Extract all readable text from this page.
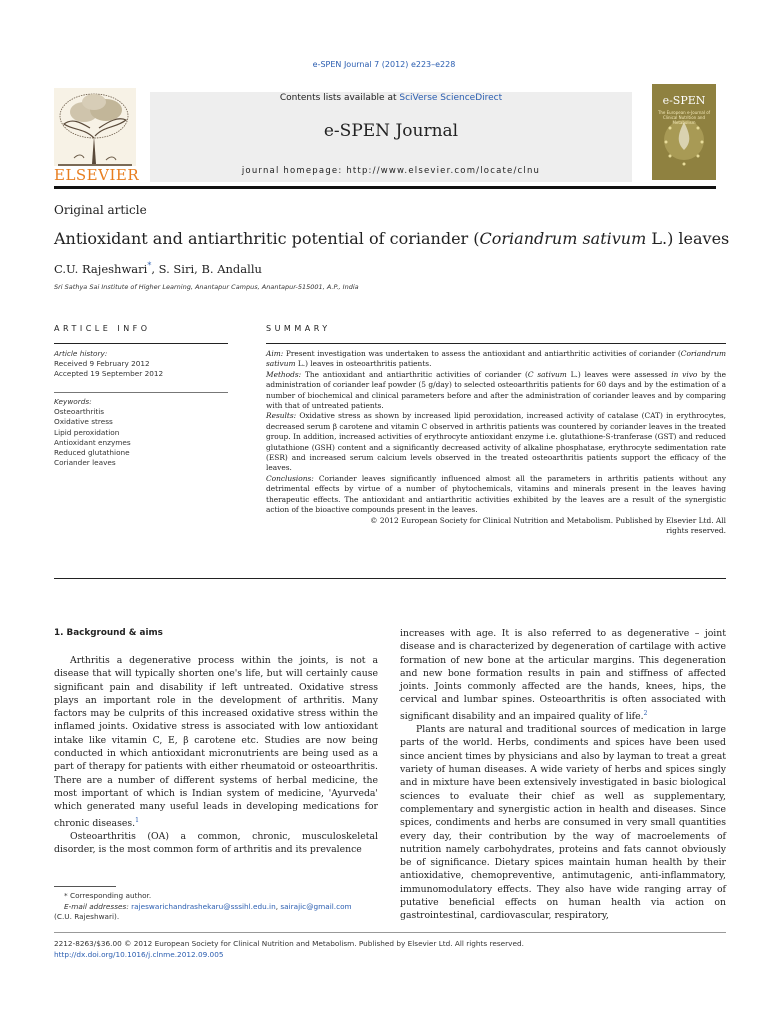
e-SPEN Journal 7 (2012) e223–e228
ELSEVIER
Contents lists available at SciVerse ScienceDirect
e-SPEN Journal
journal homepage: http://www.elsevier.com/locate/clnu
e-SPEN
The European e-Journal of Clinical Nutrition and Metabolism
Original article
Antioxidant and antiarthritic potential of coriander (Coriandrum sativum L.) leaves
C.U. Rajeshwari*, S. Siri, B. Andallu
Sri Sathya Sai Institute of Higher Learning, Anantapur Campus, Anantapur-515001, A.P., India
ARTICLE INFO
Article history:
Received 9 February 2012
Accepted 19 September 2012
Keywords:
Osteoarthritis
Oxidative stress
Lipid peroxidation
Antioxidant enzymes
Reduced glutathione
Coriander leaves
SUMMARY
Aim: Present investigation was undertaken to assess the antioxidant and antiarthritic activities of coriander (Coriandrum sativum L.) leaves in osteoarthritis patients.
Methods: The antioxidant and antiarthritic activities of coriander (C sativum L.) leaves were assessed in vivo by the administration of coriander leaf powder (5 g/day) to selected osteoarthritis patients for 60 days and by the estimation of a number of biochemical and clinical parameters before and after the administration of coriander leaves and by comparing with that of untreated patients.
Results: Oxidative stress as shown by increased lipid peroxidation, increased activity of catalase (CAT) in erythrocytes, decreased serum β carotene and vitamin C observed in arthritis patients was countered by coriander leaves in the treated group. In addition, increased activities of erythrocyte antioxidant enzyme i.e. glutathione-S-tranferase (GST) and reduced glutathione (GSH) content and a significantly decreased activity of alkaline phosphatase, erythrocyte sedimentation rate (ESR) and increased serum calcium levels observed in the treated osteoarthritis patients support the efficacy of the leaves.
Conclusions: Coriander leaves significantly influenced almost all the parameters in arthritis patients without any detrimental effects by virtue of a number of phytochemicals, vitamins and minerals present in the leaves having therapeutic effects. The antioxidant and antiarthritic activities exhibited by the leaves are a result of the synergistic action of the bioactive compounds present in the leaves.
© 2012 European Society for Clinical Nutrition and Metabolism. Published by Elsevier Ltd. All rights reserved.
1. Background & aims

Arthritis a degenerative process within the joints, is not a disease that will typically shorten one's life, but will certainly cause significant pain and disability if left untreated. Oxidative stress plays an important role in the development of arthritis. Many factors may be culprits of this increased oxidative stress within the inflamed joints. Oxidative stress is associated with low antioxidant intake like vitamin C, E, β carotene etc. Studies are now being conducted in which antioxidant micronutrients are being used as a part of therapy for patients with either rheumatoid or osteoarthritis. There are a number of different systems of herbal medicine, the most important of which is Indian system of medicine, 'Ayurveda' which generated many useful leads in developing medications for chronic diseases.$^1$

Osteoarthritis (OA) a common, chronic, musculoskeletal disorder, is the most common form of arthritis and its prevalence

* Corresponding author.
E-mail addresses: rajeswarichandrashekaru@sssihl.edu.in, sairajic@gmail.com
(C.U. Rajeshwari).

increases with age. It is also referred to as degenerative – joint disease and is characterized by degeneration of cartilage with active formation of new bone at the articular margins. This degeneration and new bone formation results in pain and stiffness of affected joints. Joints commonly affected are the hands, knees, hips, the cervical and lumbar spines. Osteoarthritis is often associated with significant disability and an impaired quality of life.$^2$

Plants are natural and traditional sources of medication in large parts of the world. Herbs, condiments and spices have been used since ancient times by physicians and also by layman to treat a great variety of human diseases. A wide variety of herbs and spices singly and in mixture have been extensively investigated in basic biological sciences to evaluate their chief as well as supplementary, complementary and synergistic action in health and diseases. Since spices, condiments and herbs are consumed in very small quantities every day, their contribution by the way of macroelements of nutrition namely carbohydrates, proteins and fats cannot obviously be of significance. Dietary spices maintain human health by their antioxidative, chemopreventive, antimutagenic, anti-inflammatory, immunomodulatory effects. They also have wide ranging array of putative beneficial effects on human health via action on gastrointestinal, cardiovascular, respiratory,

2212-8263/$36.00 © 2012 European Society for Clinical Nutrition and Metabolism. Published by Elsevier Ltd. All rights reserved.
http://dx.doi.org/10.1016/j.clnme.2012.09.005
